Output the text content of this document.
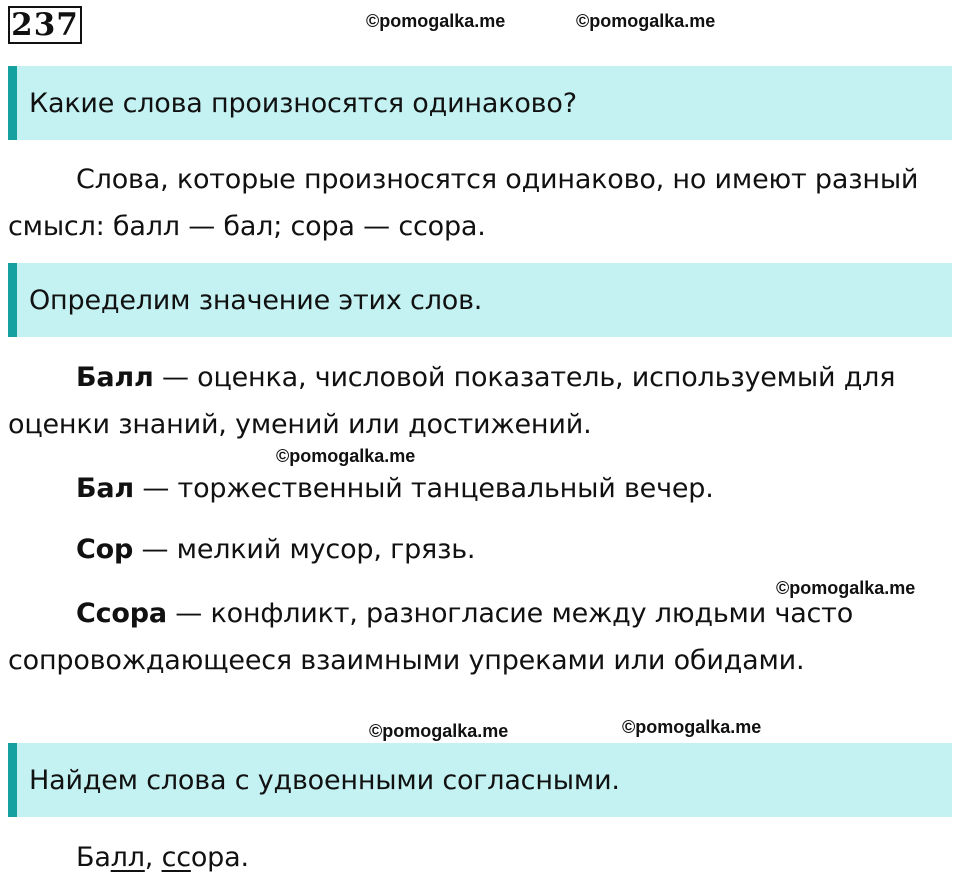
237	©pomogalka.me	©pomogalka.me
Какие слова произносятся одинаково?
Слова, которые произносятся одинаково, но имеют разный смысл: балл — бал; сора — ссора.
Определим значение этих слов.
Балл — оценка, числовой показатель, используемый для оценки знаний, умений или достижений.
©pomogalka.me
Бал — торжественный танцевальный вечер.
Сор — мелкий мусор, грязь.
©pomogalka.me
Ссора — конфликт, разногласие между людьми часто сопровождающееся взаимными упреками или обидами.
©pomogalka.me	©pomogalka.me
Найдем слова с удвоенными согласными.
Балл, ссора.
